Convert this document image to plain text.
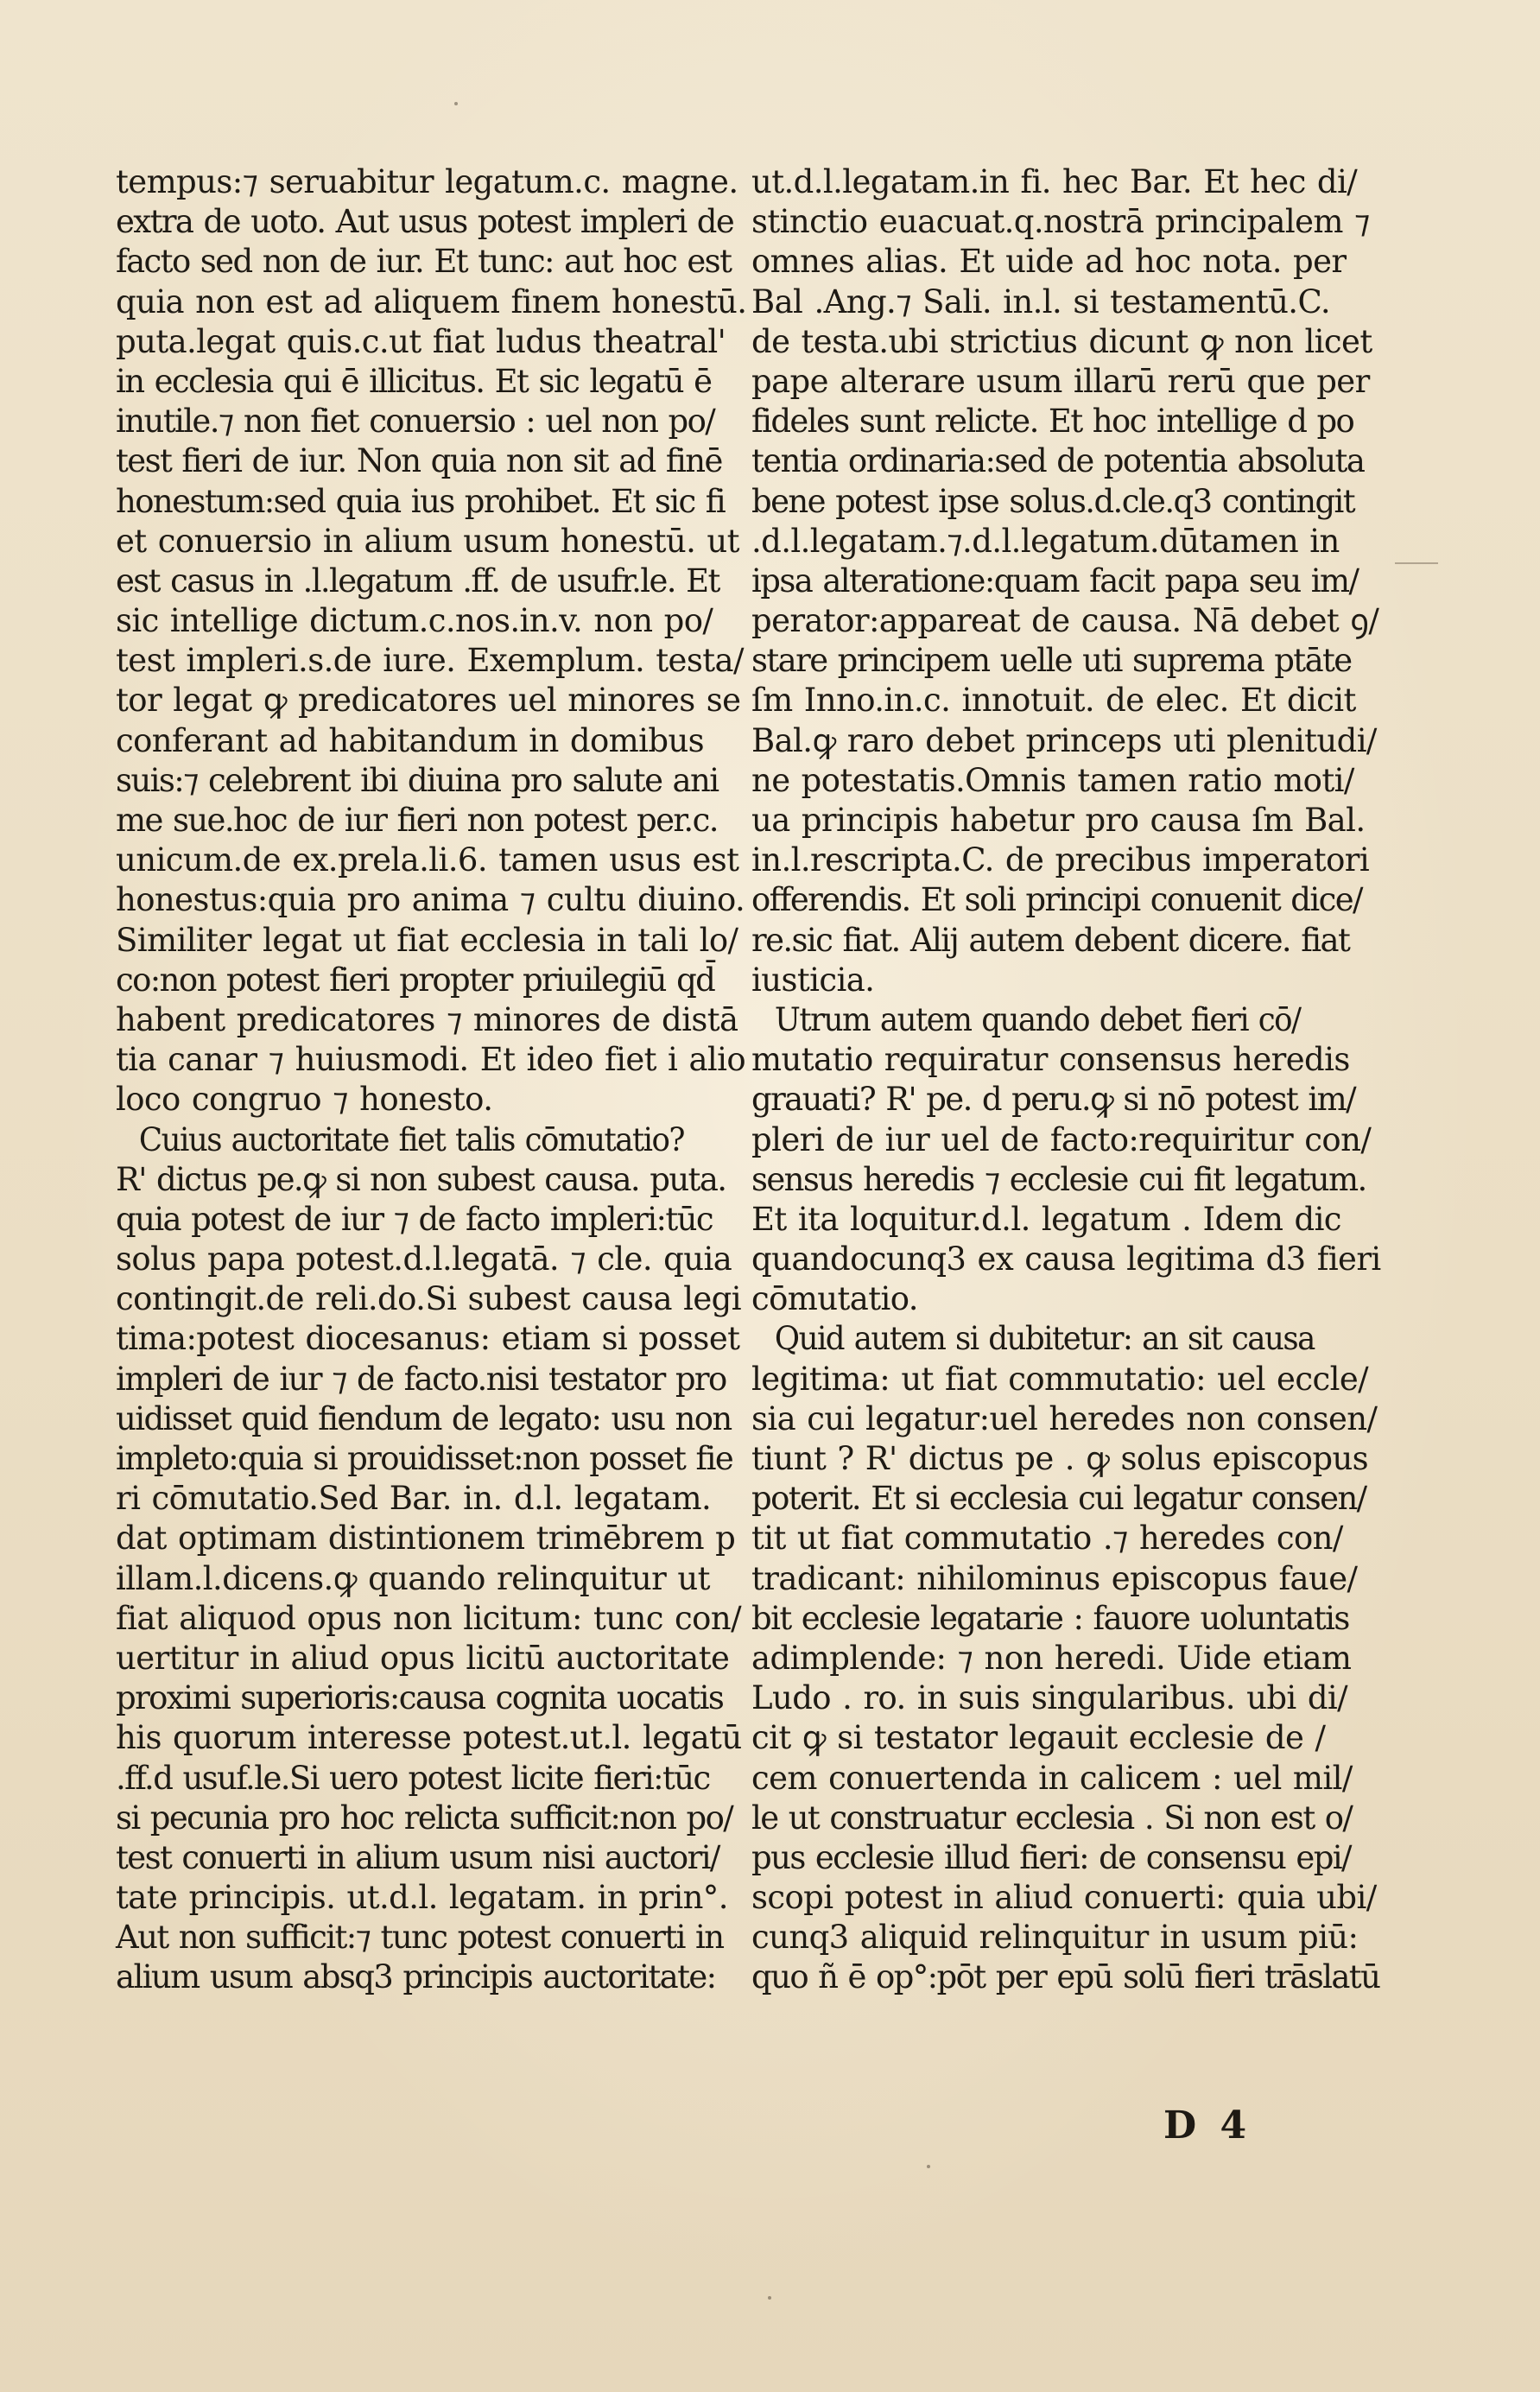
tempus:⁊ seruabitur legatum.c. magne.
extra de uoto. Aut usus potest impleri de
facto sed non de iur. Et tunc: aut hoc est
quia non est ad aliquem finem honestū.
puta.legat quis.c.ut fiat ludus theatral'
in ecclesia qui ē illicitus. Et sic legatū ē
inutile.⁊ non fiet conuersio : uel non po/
test fieri de iur. Non quia non sit ad finē
honestum:sed quia ius prohibet. Et sic fi
et conuersio in alium usum honestū. ut
est casus in .l.legatum .ff. de usufr.le. Et
sic intellige dictum.c.nos.in.v. non po/
test impleri.s.de iure. Exemplum. testa/
tor legat ꝙ predicatores uel minores se
conferant ad habitandum in domibus
suis:⁊ celebrent ibi diuina pro salute ani
me sue.hoc de iur fieri non potest per.c.
unicum.de ex.prela.li.6. tamen usus est
honestus:quia pro anima ⁊ cultu diuino.
Similiter legat ut fiat ecclesia in tali lo/
co:non potest fieri propter priuilegiū qd̄
habent predicatores ⁊ minores de distā
tia canar ⁊ huiusmodi. Et ideo fiet i alio
loco congruo ⁊ honesto.
Cuius auctoritate fiet talis cōmutatio?
R' dictus pe.ꝙ si non subest causa. puta.
quia potest de iur ⁊ de facto impleri:tūc
solus papa potest.d.l.legatā. ⁊ cle. quia
contingit.de reli.do.Si subest causa legi
tima:potest diocesanus: etiam si posset
impleri de iur ⁊ de facto.nisi testator pro
uidisset quid fiendum de legato: usu non
impleto:quia si prouidisset:non posset fie
ri cōmutatio.Sed Bar. in. d.l. legatam.
dat optimam distintionem trimēbrem p
illam.l.dicens.ꝙ quando relinquitur ut
fiat aliquod opus non licitum: tunc con/
uertitur in aliud opus licitū auctoritate
proximi superioris:causa cognita uocatis
his quorum interesse potest.ut.l. legatū
.ff.d usuf.le.Si uero potest licite fieri:tūc
si pecunia pro hoc relicta sufficit:non po/
test conuerti in alium usum nisi auctori/
tate principis. ut.d.l. legatam. in prin°.
Aut non sufficit:⁊ tunc potest conuerti in
alium usum absq3 principis auctoritate:
ut.d.l.legatam.in fi. hec Bar. Et hec di/
stinctio euacuat.q.nostrā principalem ⁊
omnes alias. Et uide ad hoc nota. per
Bal .Ang.⁊ Sali. in.l. si testamentū.C.
de testa.ubi strictius dicunt ꝙ non licet
pape alterare usum illarū rerū que per
fideles sunt relicte. Et hoc intellige d po
tentia ordinaria:sed de potentia absoluta
bene potest ipse solus.d.cle.q3 contingit
.d.l.legatam.⁊.d.l.legatum.dūtamen in
ipsa alteratione:quam facit papa seu im/
perator:appareat de causa. Nā debet ꝯ/
stare principem uelle uti suprema ptāte
ſm Inno.in.c. innotuit. de elec. Et dicit
Bal.ꝙ raro debet princeps uti plenitudi/
ne potestatis.Omnis tamen ratio moti/
ua principis habetur pro causa ſm Bal.
in.l.rescripta.C. de precibus imperatori
offerendis. Et soli principi conuenit dice/
re.sic fiat. Alij autem debent dicere. fiat
iusticia.
Utrum autem quando debet fieri cō/
mutatio requiratur consensus heredis
grauati? R' pe. d peru.ꝙ si nō potest im/
pleri de iur uel de facto:requiritur con/
sensus heredis ⁊ ecclesie cui fit legatum.
Et ita loquitur.d.l. legatum . Idem dic
quandocunq3 ex causa legitima d3 fieri
cōmutatio.
Quid autem si dubitetur: an sit causa
legitima: ut fiat commutatio: uel eccle/
sia cui legatur:uel heredes non consen/
tiunt ? R' dictus pe . ꝙ solus episcopus
poterit. Et si ecclesia cui legatur consen/
tit ut fiat commutatio .⁊ heredes con/
tradicant: nihilominus episcopus faue/
bit ecclesie legatarie : fauore uoluntatis
adimplende: ⁊ non heredi. Uide etiam
Ludo . ro. in suis singularibus. ubi di/
cit ꝙ si testator legauit ecclesie de /
cem conuertenda in calicem : uel mil/
le ut construatur ecclesia . Si non est o/
pus ecclesie illud fieri: de consensu epi/
scopi potest in aliud conuerti: quia ubi/
cunq3 aliquid relinquitur in usum piū:
quo ñ ē op°:pōt per epū solū fieri trāslatū
D 4
